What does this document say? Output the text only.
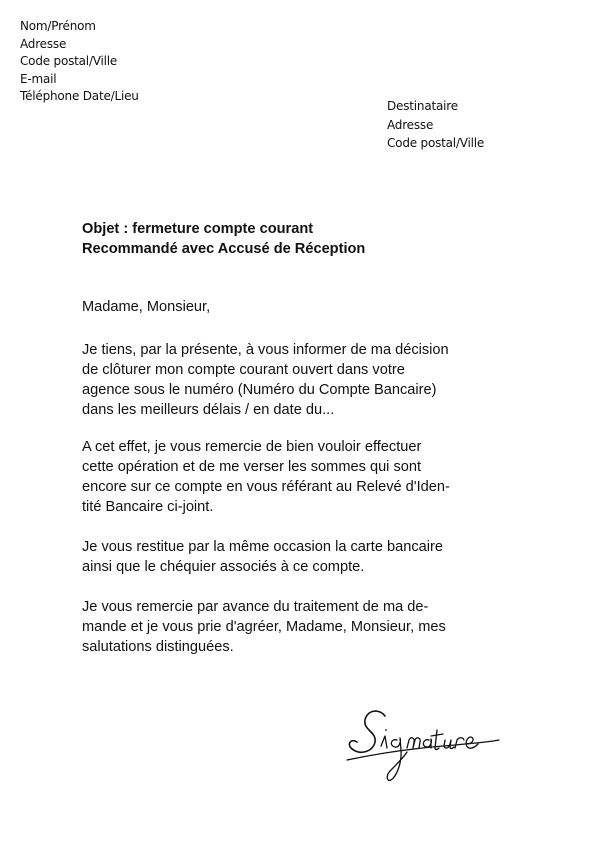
Nom/Prénom
Adresse
Code postal/Ville
E-mail
Téléphone Date/Lieu
Destinataire
Adresse
Code postal/Ville
Objet : fermeture compte courant
Recommandé avec Accusé de Réception
Madame, Monsieur,
Je tiens, par la présente, à vous informer de ma décision
de clôturer mon compte courant ouvert dans votre
agence sous le numéro (Numéro du Compte Bancaire)
dans les meilleurs délais / en date du...
A cet effet, je vous remercie de bien vouloir effectuer
cette opération et de me verser les sommes qui sont
encore sur ce compte en vous référant au Relevé d'Iden-
tité Bancaire ci-joint.
Je vous restitue par la même occasion la carte bancaire
ainsi que le chéquier associés à ce compte.
Je vous remercie par avance du traitement de ma de-
mande et je vous prie d'agréer, Madame, Monsieur, mes
salutations distinguées.
